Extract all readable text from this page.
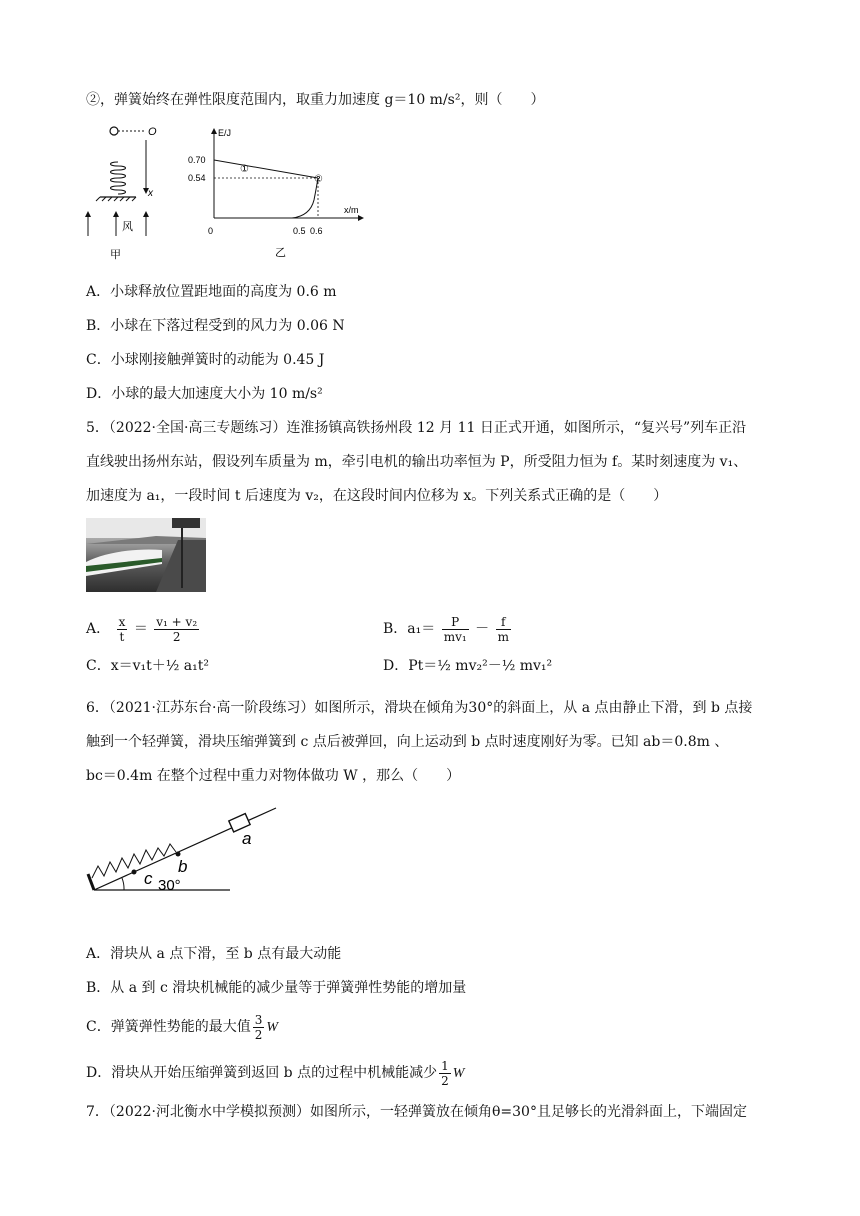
②，弹簧始终在弹性限度范围内，取重力加速度 g＝10 m/s²，则（　　）
O
x
风
甲
E/J
x/m
0.70
0.54
0	0.5 0.6
①
②
乙
A．小球释放位置距地面的高度为 0.6 m
B．小球在下落过程受到的风力为 0.06 N
C．小球刚接触弹簧时的动能为 0.45 J
D．小球的最大加速度大小为 10 m/s²
5．（2022·全国·高三专题练习）连淮扬镇高铁扬州段 12 月 11 日正式开通，如图所示，“复兴号”列车正沿
直线驶出扬州东站，假设列车质量为 m，牵引电机的输出功率恒为 P，所受阻力恒为 f。某时刻速度为 v₁、
加速度为 a₁，一段时间 t 后速度为 v₂，在这段时间内位移为 x。下列关系式正确的是（　　）
A． $\frac{x}{t} = \frac{\text{v₁ + v₂}}{2}$	B．$a_1= \frac{P}{\text{mv₁}} - \frac{f}{m}$
C．x＝v₁t＋½ a₁t²	D．Pt＝½ mv₂²－½ mv₁²
6．（2021·江苏东台·高一阶段练习）如图所示，滑块在倾角为30°的斜面上，从 a 点由静止下滑，到 b 点接
触到一个轻弹簧，滑块压缩弹簧到 c 点后被弹回，向上运动到 b 点时速度刚好为零。已知 ab＝0.8m 、
bc＝0.4m 在整个过程中重力对物体做功 W ，那么（　　）
a
b
c 30°
A．滑块从 a 点下滑，至 b 点有最大动能
B．从 a 到 c 滑块机械能的减少量等于弹簧弹性势能的增加量
C．弹簧弹性势能的最大值 $\frac{3}{2}$ W
D．滑块从开始压缩弹簧到返回 b 点的过程中机械能减少 $\frac{1}{2}$ W
7．（2022·河北衡水中学模拟预测）如图所示，一轻弹簧放在倾角θ=30°且足够长的光滑斜面上，下端固定
